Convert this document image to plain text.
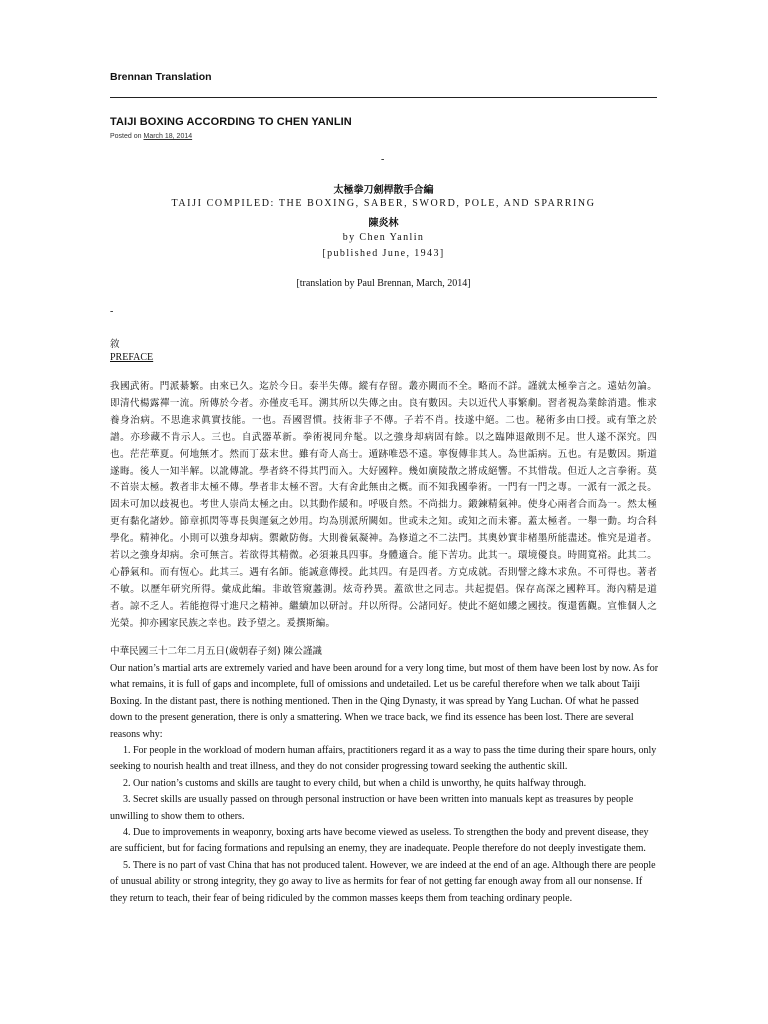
Brennan Translation
TAIJI BOXING ACCORDING TO CHEN YANLIN
Posted on March 18, 2014
-
太極拳刀劍桿散手合編
TAIJI COMPILED: THE BOXING, SABER, SWORD, POLE, AND SPARRING
陳炎林
by Chen Yanlin
[published June, 1943]
[translation by Paul Brennan, March, 2014]
-
敘
PREFACE
我國武術。門派綦繁。由來已久。迄於今日。泰半失傳。縱有存留。叢亦闕而不全。略而不詳。謹就太極拳言之。遠姑勿論。即清代楊露禪一流。所傳於今者。亦僅皮毛耳。溯其所以失傳之由。良有數因。夫以近代人事繁劇。習者視為業餘消遣。惟求養身治病。不思進求眞實技能。一也。吾國習慣。技術非子不傳。子若不肖。技遂中絕。二也。秘術多由口授。或有筆之於譜。亦珍藏不肯示人。三也。自武器革新。拳術視同弁髦。以之強身却病固有餘。以之臨陣退敵則不足。世人遂不深究。四也。茫茫華夏。何地無才。然而丁茲末世。雖有奇人高士。遁跡唯恐不遠。寧復傳非其人。為世詬病。五也。有是數因。斯道遂晦。後人一知半解。以訛傳訛。學者終不得其門而入。大好國粹。幾如廣陵散之將成絕響。不其惜哉。但近人之言拳術。莫不首崇太極。教者非太極不傳。學者非太極不習。大有舍此無由之概。而不知我國拳術。一門有一門之專。一派有一派之長。固未可加以歧視也。考世人崇尚太極之由。以其動作緩和。呼吸自然。不尚拙力。鍛鍊精氣神。使身心兩者合而為一。然太極更有黏化諸妙。節章抓閃等專長與運氣之妙用。均為別派所闕如。世或未之知。或知之而未審。蓋太極者。一舉一動。均合科學化。精神化。小則可以強身却病。禦敵防侮。大則養氣凝神。為修道之不二法門。其奧妙實非楮墨所能盡述。惟究是道者。若以之強身却病。余可無言。若欲得其精微。必須兼具四事。身體適合。能下苦功。此其一。環境優良。時間寬裕。此其二。心靜氣和。而有恆心。此其三。遇有名師。能誠意傳授。此其四。有是四者。方克成就。否則譬之緣木求魚。不可得也。著者不敏。以歷年研究所得。彙成此編。非敢管窺蠡測。炫奇矜異。蓋欲世之同志。共起提倡。保存高深之國粹耳。海內精是道者。諒不乏人。若能抱得寸進尺之精神。繼續加以研討。幷以所得。公諸同好。使此不絕如縷之國技。復還舊觀。宣惟個人之光榮。抑亦國家民族之幸也。跂予望之。爰撰斯編。
中華民國三十二年二月五日(歲朝春子刻) 陳公謹識

Our nation’s martial arts are extremely varied and have been around for a very long time, but most of them have been lost by now. As for what remains, it is full of gaps and incomplete, full of omissions and undetailed. Let us be careful therefore when we talk about Taiji Boxing. In the distant past, there is nothing mentioned. Then in the Qing Dynasty, it was spread by Yang Luchan. Of what he passed down to the present generation, there is only a smattering. When we trace back, we find its essence has been lost. There are several reasons why:

1. For people in the workload of modern human affairs, practitioners regard it as a way to pass the time during their spare hours, only seeking to nourish health and treat illness, and they do not consider progressing toward seeking the authentic skill.

2. Our nation’s customs and skills are taught to every child, but when a child is unworthy, he quits halfway through.

3. Secret skills are usually passed on through personal instruction or have been written into manuals kept as treasures by people unwilling to show them to others.

4. Due to improvements in weaponry, boxing arts have become viewed as useless. To strengthen the body and prevent disease, they are sufficient, but for facing formations and repulsing an enemy, they are inadequate. People therefore do not deeply investigate them.

5. There is no part of vast China that has not produced talent. However, we are indeed at the end of an age. Although there are people of unusual ability or strong integrity, they go away to live as hermits for fear of not getting far enough away from all our nonsense. If they return to teach, their fear of being ridiculed by the common masses keeps them from teaching ordinary people.
